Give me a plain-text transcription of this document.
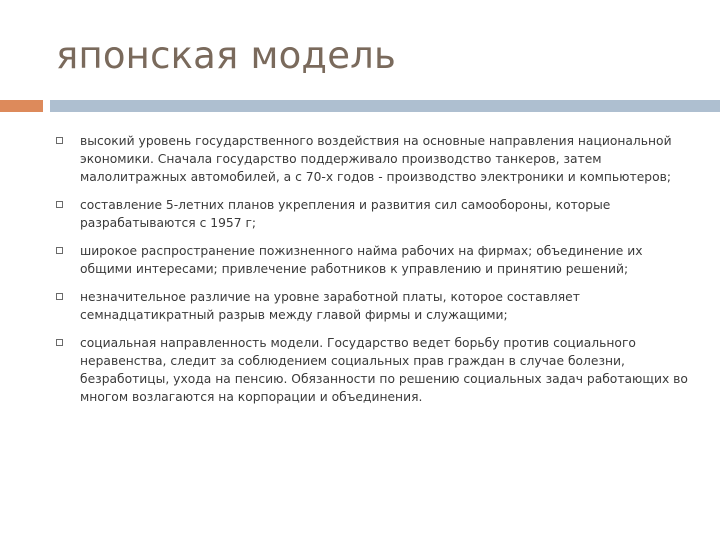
японская модель
высокий уровень государственного воздействия на основные направления национальной экономики. Сначала государство поддерживало производство танкеров, затем малолитражных автомобилей, а с 70-х годов - производство электроники и компьютеров;
составление 5-летних планов укрепления и развития сил самообороны, которые разрабатываются с 1957 г;
широкое распространение пожизненного найма рабочих на фирмах; объединение их общими интересами; привлечение работников к управлению и принятию решений;
незначительное различие на уровне заработной платы, которое составляет семнадцатикратный разрыв между главой фирмы и служащими;
социальная направленность модели. Государство ведет борьбу против социального неравенства, следит за соблюдением социальных прав граждан в случае болезни, безработицы, ухода на пенсию. Обязанности по решению социальных задач работающих во многом возлагаются на корпорации и объединения.
